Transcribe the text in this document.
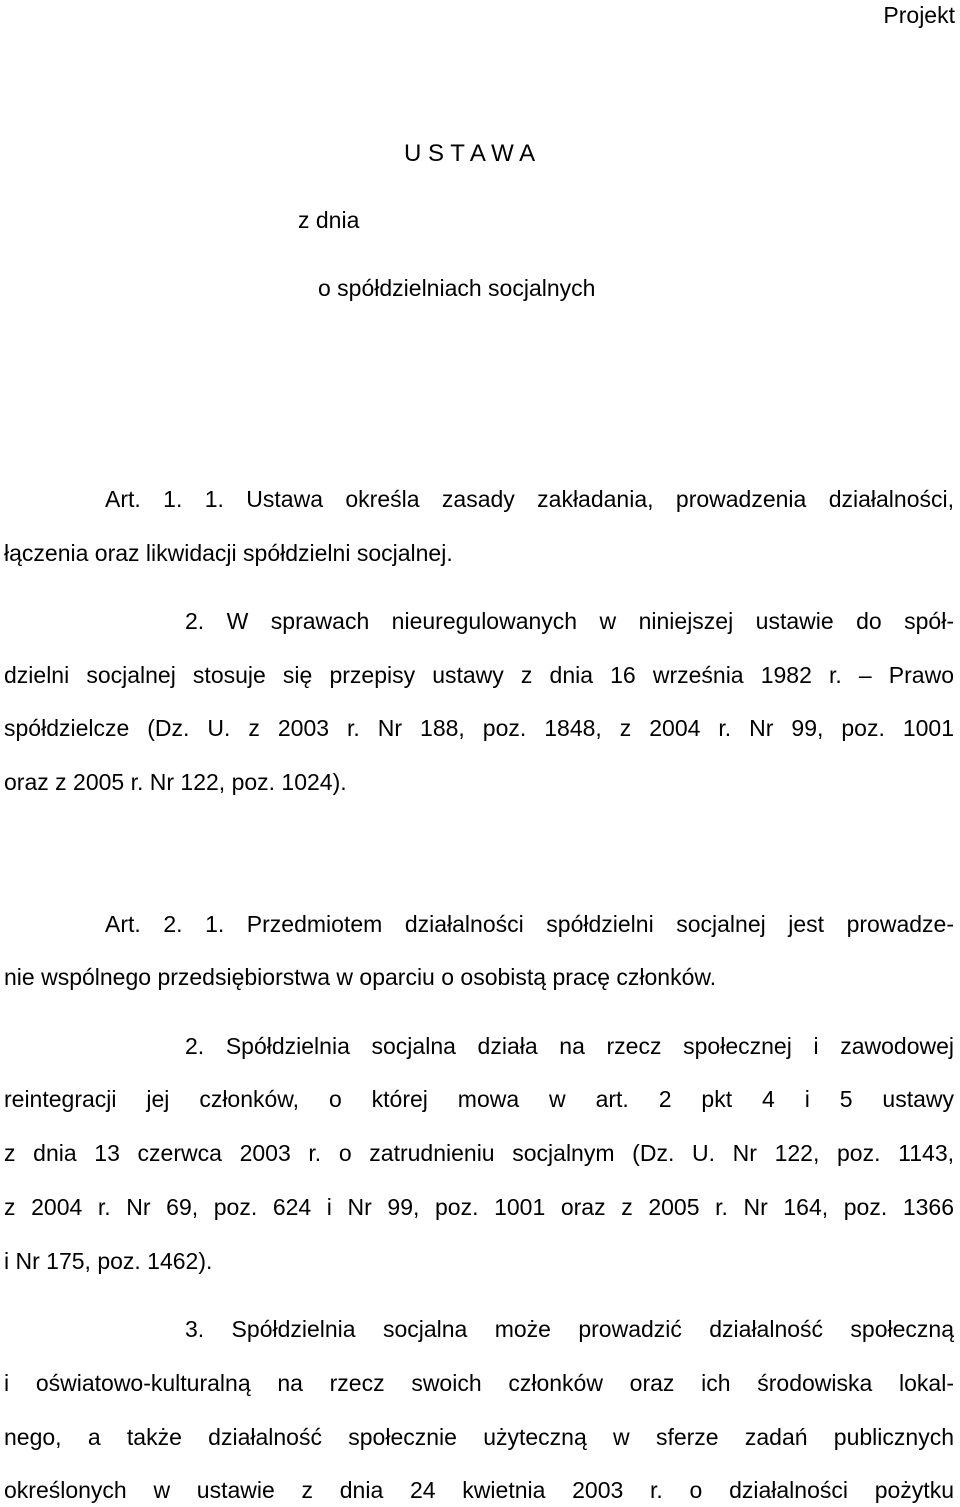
Projekt
U S T A W A
z dnia
o spółdzielniach socjalnych
Art. 1. 1. Ustawa określa zasady zakładania, prowadzenia działalności,
łączenia oraz likwidacji spółdzielni socjalnej.
2. W sprawach nieuregulowanych w niniejszej ustawie do spół-
dzielni socjalnej stosuje się przepisy ustawy z dnia 16 września 1982 r. – Prawo
spółdzielcze (Dz. U. z 2003 r. Nr 188, poz. 1848, z 2004 r. Nr 99, poz. 1001
oraz z 2005 r. Nr 122, poz. 1024).
Art. 2. 1. Przedmiotem działalności spółdzielni socjalnej jest prowadze-
nie wspólnego przedsiębiorstwa w oparciu o osobistą pracę członków.
2. Spółdzielnia socjalna działa na rzecz społecznej i zawodowej
reintegracji jej członków, o której mowa w art. 2 pkt 4 i 5 ustawy
z dnia 13 czerwca 2003 r. o zatrudnieniu socjalnym (Dz. U. Nr 122, poz. 1143,
z 2004 r. Nr 69, poz. 624 i Nr 99, poz. 1001 oraz z 2005 r. Nr 164, poz. 1366
i Nr 175, poz. 1462).
3. Spółdzielnia socjalna może prowadzić działalność społeczną
i oświatowo-kulturalną na rzecz swoich członków oraz ich środowiska lokal-
nego, a także działalność społecznie użyteczną w sferze zadań publicznych
określonych w ustawie z dnia 24 kwietnia 2003 r. o działalności pożytku
